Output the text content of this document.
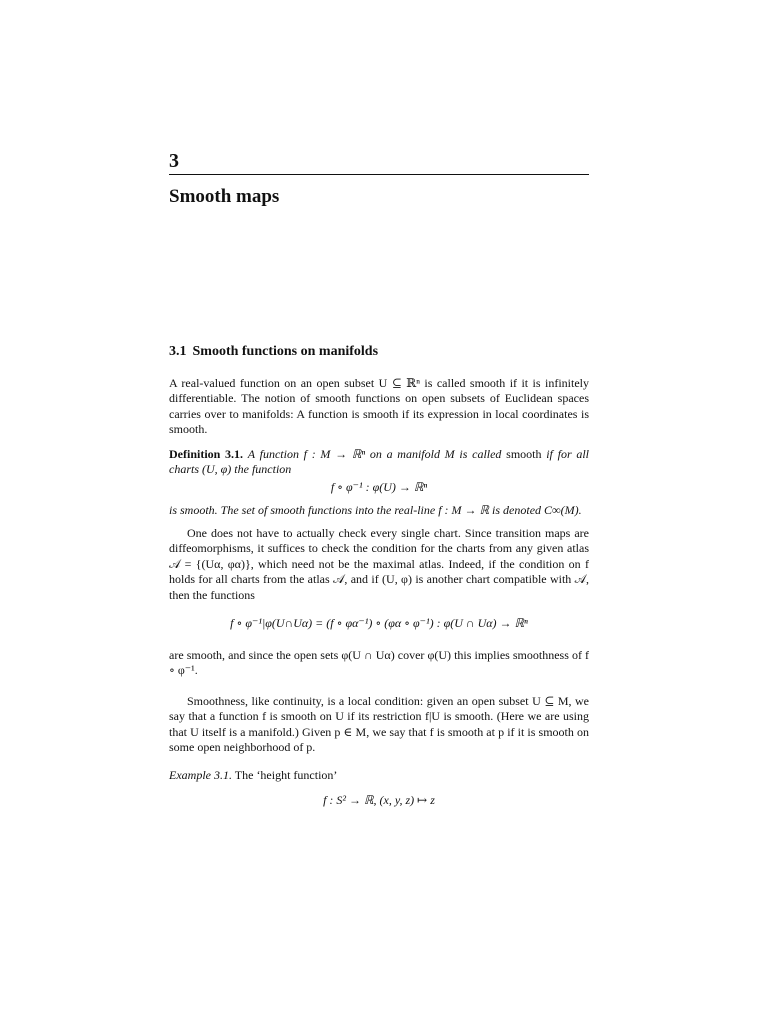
3
Smooth maps
3.1 Smooth functions on manifolds
A real-valued function on an open subset U ⊆ ℝⁿ is called smooth if it is infinitely differentiable. The notion of smooth functions on open subsets of Euclidean spaces carries over to manifolds: A function is smooth if its expression in local coordinates is smooth.
Definition 3.1. A function f : M → ℝⁿ on a manifold M is called smooth if for all charts (U, φ) the function
f ∘ φ⁻¹ : φ(U) → ℝⁿ
is smooth. The set of smooth functions into the real-line f : M → ℝ is denoted C∞(M).
One does not have to actually check every single chart. Since transition maps are diffeomorphisms, it suffices to check the condition for the charts from any given atlas 𝒜 = {(Uα, φα)}, which need not be the maximal atlas. Indeed, if the condition on f holds for all charts from the atlas 𝒜, and if (U, φ) is another chart compatible with 𝒜, then the functions
f ∘ φ⁻¹|φ(U∩Uα) = (f ∘ φα⁻¹) ∘ (φα ∘ φ⁻¹) : φ(U ∩ Uα) → ℝⁿ
are smooth, and since the open sets φ(U ∩ Uα) cover φ(U) this implies smoothness of f ∘ φ⁻¹.
Smoothness, like continuity, is a local condition: given an open subset U ⊆ M, we say that a function f is smooth on U if its restriction f|U is smooth. (Here we are using that U itself is a manifold.) Given p ∈ M, we say that f is smooth at p if it is smooth on some open neighborhood of p.
Example 3.1. The ‘height function’
f : S² → ℝ, (x, y, z) ↦ z
